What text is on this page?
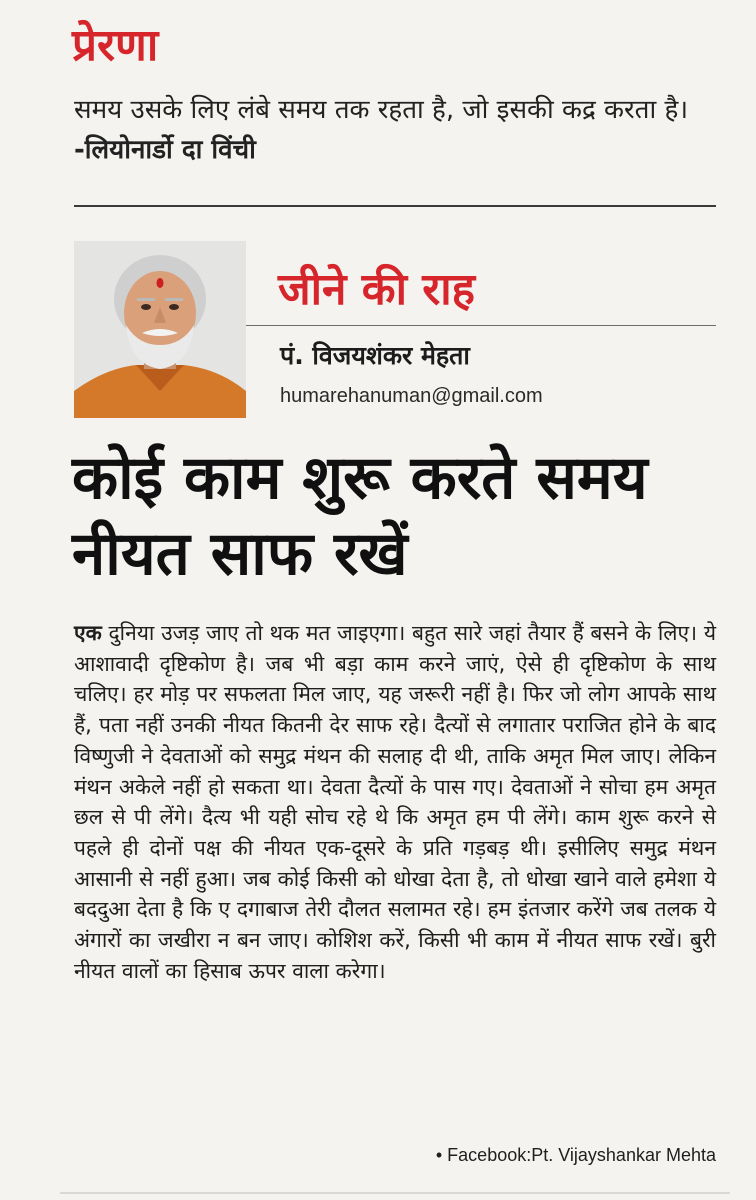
प्रेरणा

समय उसके लिए लंबे समय तक रहता है, जो इसकी कद्र करता है। -लियोनार्डो दा विंची

जीने की राह

पं. विजयशंकर मेहता

humarehanuman@gmail.com

कोई काम शुरू करते समय नीयत साफ रखें

एक दुनिया उजड़ जाए तो थक मत जाइएगा। बहुत सारे जहां तैयार हैं बसने के लिए। ये आशावादी दृष्टिकोण है। जब भी बड़ा काम करने जाएं, ऐसे ही दृष्टिकोण के साथ चलिए। हर मोड़ पर सफलता मिल जाए, यह जरूरी नहीं है। फिर जो लोग आपके साथ हैं, पता नहीं उनकी नीयत कितनी देर साफ रहे। दैत्यों से लगातार पराजित होने के बाद विष्णुजी ने देवताओं को समुद्र मंथन की सलाह दी थी, ताकि अमृत मिल जाए। लेकिन मंथन अकेले नहीं हो सकता था। देवता दैत्यों के पास गए। देवताओं ने सोचा हम अमृत छल से पी लेंगे। दैत्य भी यही सोच रहे थे कि अमृत हम पी लेंगे। काम शुरू करने से पहले ही दोनों पक्ष की नीयत एक-दूसरे के प्रति गड़बड़ थी। इसीलिए समुद्र मंथन आसानी से नहीं हुआ। जब कोई किसी को धोखा देता है, तो धोखा खाने वाले हमेशा ये बददुआ देता है कि ए दगाबाज तेरी दौलत सलामत रहे। हम इंतजार करेंगे जब तलक ये अंगारों का जखीरा न बन जाए। कोशिश करें, किसी भी काम में नीयत साफ रखें। बुरी नीयत वालों का हिसाब ऊपर वाला करेगा।

• Facebook:Pt. Vijayshankar Mehta
